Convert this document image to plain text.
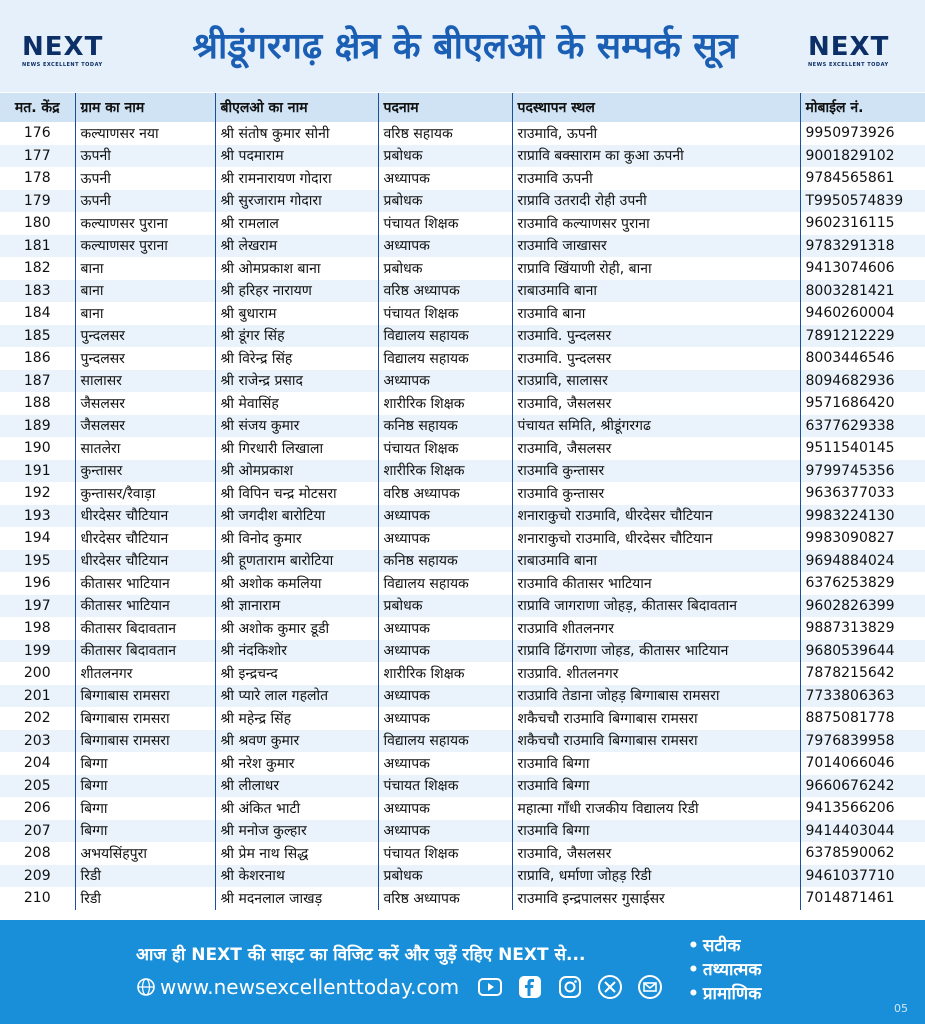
NEXT
NEWS EXCELLENT TODAY	श्रीडूंगरगढ़ क्षेत्र के बीएलओ के सम्पर्क सूत्र	NEXT
NEWS EXCELLENT TODAY
मत. केंद्र	ग्राम का नाम	बीएलओ का नाम	पदनाम	पदस्थापन स्थल	मोबाईल नं.
176	कल्याणसर नया	श्री संतोष कुमार सोनी	वरिष्ठ सहायक	राउमावि, ऊपनी	9950973926
177	ऊपनी	श्री पदमाराम	प्रबोधक	राप्रावि बक्साराम का कुआ ऊपनी	9001829102
178	ऊपनी	श्री रामनारायण गोदारा	अध्यापक	राउमावि ऊपनी	9784565861
179	ऊपनी	श्री सुरजाराम गोदारा	प्रबोधक	राप्रावि उतरादी रोही उपनी	T9950574839
180	कल्याणसर पुराना	श्री रामलाल	पंचायत शिक्षक	राउमावि कल्याणसर पुराना	9602316115
181	कल्याणसर पुराना	श्री लेखराम	अध्यापक	राउमावि जाखासर	9783291318
182	बाना	श्री ओमप्रकाश बाना	प्रबोधक	राप्रावि खिंयाणी रोही, बाना	9413074606
183	बाना	श्री हरिहर नारायण	वरिष्ठ अध्यापक	राबाउमावि बाना	8003281421
184	बाना	श्री बुधाराम	पंचायत शिक्षक	राउमावि बाना	9460260004
185	पुन्दलसर	श्री डूंगर सिंह	विद्यालय सहायक	राउमावि. पुन्दलसर	7891212229
186	पुन्दलसर	श्री विरेन्द्र सिंह	विद्यालय सहायक	राउमावि. पुन्दलसर	8003446546
187	सालासर	श्री राजेन्द्र प्रसाद	अध्यापक	राउप्रावि, सालासर	8094682936
188	जैसलसर	श्री मेवासिंह	शारीरिक शिक्षक	राउमावि, जैसलसर	9571686420
189	जैसलसर	श्री संजय कुमार	कनिष्ठ सहायक	पंचायत समिति, श्रीडूंगरगढ	6377629338
190	सातलेरा	श्री गिरधारी लिखाला	पंचायत शिक्षक	राउमावि, जैसलसर	9511540145
191	कुन्तासर	श्री ओमप्रकाश	शारीरिक शिक्षक	राउमावि कुन्तासर	9799745356
192	कुन्तासर/रैवाड़ा	श्री विपिन चन्द्र मोटसरा	वरिष्ठ अध्यापक	राउमावि कुन्तासर	9636377033
193	धीरदेसर चौटियान	श्री जगदीश बारोटिया	अध्यापक	शनाराकुचो राउमावि, धीरदेसर चौटियान	9983224130
194	धीरदेसर चौटियान	श्री विनोद कुमार	अध्यापक	शनाराकुचो राउमावि, धीरदेसर चौटियान	9983090827
195	धीरदेसर चौटियान	श्री हूणताराम बारोटिया	कनिष्ठ सहायक	राबाउमावि बाना	9694884024
196	कीतासर भाटियान	श्री अशोक कमलिया	विद्यालय सहायक	राउमावि कीतासर भाटियान	6376253829
197	कीतासर भाटियान	श्री ज्ञानाराम	प्रबोधक	राप्रावि जागराणा जोहड़, कीतासर बिदावतान	9602826399
198	कीतासर बिदावतान	श्री अशोक कुमार डूडी	अध्यापक	राउप्रावि शीतलनगर	9887313829
199	कीतासर बिदावतान	श्री नंदकिशोर	अध्यापक	राप्रावि ढिंगराणा जोहड, कीतासर भाटियान	9680539644
200	शीतलनगर	श्री इन्द्रचन्द	शारीरिक शिक्षक	राउप्रावि. शीतलनगर	7878215642
201	बिग्गाबास रामसरा	श्री प्यारे लाल गहलोत	अध्यापक	राउप्रावि तेडाना जोहड़ बिग्गाबास रामसरा	7733806363
202	बिग्गाबास रामसरा	श्री महेन्द्र सिंह	अध्यापक	शकैचचौ राउमावि बिग्गाबास रामसरा	8875081778
203	बिग्गाबास रामसरा	श्री श्रवण कुमार	विद्यालय सहायक	शकैचचौ राउमावि बिग्गाबास रामसरा	7976839958
204	बिग्गा	श्री नरेश कुमार	अध्यापक	राउमावि बिग्गा	7014066046
205	बिग्गा	श्री लीलाधर	पंचायत शिक्षक	राउमावि बिग्गा	9660676242
206	बिग्गा	श्री अंकित भाटी	अध्यापक	महात्मा गाँधी राजकीय विद्यालय रिडी	9413566206
207	बिग्गा	श्री मनोज कुल्हार	अध्यापक	राउमावि बिग्गा	9414403044
208	अभयसिंहपुरा	श्री प्रेम नाथ सिद्ध	पंचायत शिक्षक	राउमावि, जैसलसर	6378590062
209	रिडी	श्री केशरनाथ	प्रबोधक	राप्रावि, धर्माणा जोहड़ रिडी	9461037710
210	रिडी	श्री मदनलाल जाखड़	वरिष्ठ अध्यापक	राउमावि इन्द्रपालसर गुसाईसर	7014871461
आज ही NEXT की साइट का विजिट करें और जुड़ें रहिए NEXT से...
www.newsexcellenttoday.com
• सटीक
• तथ्यात्मक
• प्रामाणिक
05
